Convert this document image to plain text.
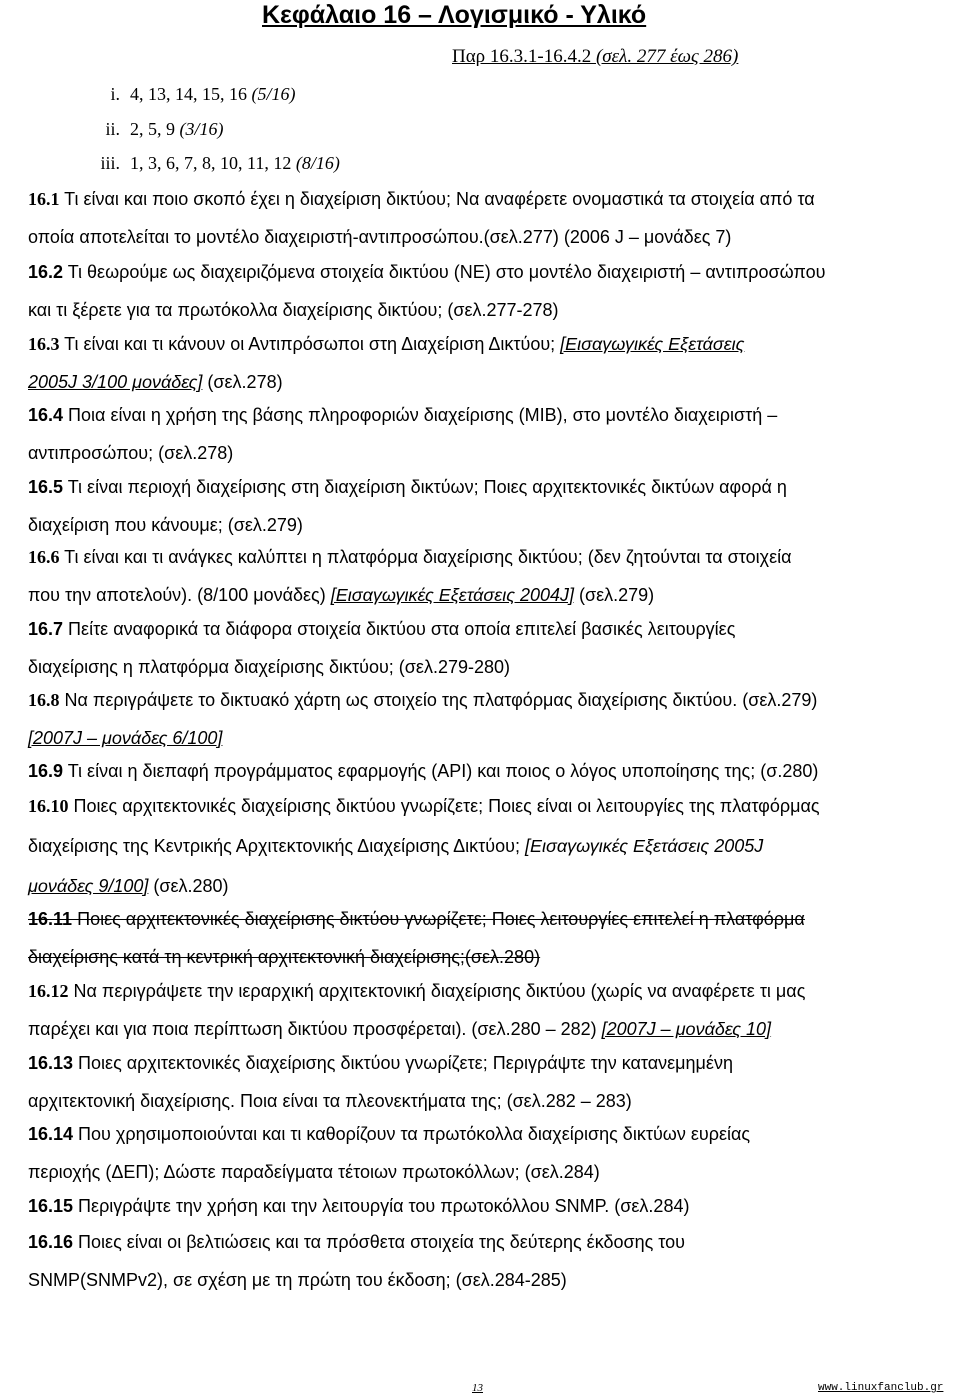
Κεφάλαιο 16 – Λογισμικό - Υλικό
Παρ 16.3.1-16.4.2 (σελ. 277 έως 286)
i. 4, 13, 14, 15, 16 (5/16)
ii. 2, 5, 9 (3/16)
iii. 1, 3, 6, 7, 8, 10, 11, 12 (8/16)
16.1 Τι είναι και ποιο σκοπό έχει η διαχείριση δικτύου; Να αναφέρετε ονομαστικά τα στοιχεία από τα
οποία αποτελείται το μοντέλο διαχειριστή-αντιπροσώπου.(σελ.277) (2006 J – μονάδες 7)
16.2 Τι θεωρούμε ως διαχειριζόμενα στοιχεία δικτύου (ΝΕ) στο μοντέλο διαχειριστή – αντιπροσώπου
και τι ξέρετε για τα πρωτόκολλα διαχείρισης δικτύου; (σελ.277-278)
16.3 Τι είναι και τι κάνουν οι Αντιπρόσωποι στη Διαχείριση Δικτύου; [Εισαγωγικές Εξετάσεις
2005J 3/100 μονάδες] (σελ.278)
16.4 Ποια είναι η χρήση της βάσης πληροφοριών διαχείρισης (MIB), στο μοντέλο διαχειριστή –
αντιπροσώπου; (σελ.278)
16.5 Τι είναι περιοχή διαχείρισης στη διαχείριση δικτύων; Ποιες αρχιτεκτονικές δικτύων αφορά η
διαχείριση που κάνουμε; (σελ.279)
16.6 Τι είναι και τι ανάγκες καλύπτει η πλατφόρμα διαχείρισης δικτύου; (δεν ζητούνται τα στοιχεία
που την αποτελούν). (8/100 μονάδες) [Εισαγωγικές Εξετάσεις 2004J] (σελ.279)
16.7 Πείτε αναφορικά τα διάφορα στοιχεία δικτύου στα οποία επιτελεί βασικές λειτουργίες
διαχείρισης η πλατφόρμα διαχείρισης δικτύου; (σελ.279-280)
16.8 Να περιγράψετε το δικτυακό χάρτη ως στοιχείο της πλατφόρμας διαχείρισης δικτύου. (σελ.279)
[2007J – μονάδες 6/100]
16.9 Τι είναι η διεπαφή προγράμματος εφαρμογής (API) και ποιος ο λόγος υποποίησης της; (σ.280)
16.10 Ποιες αρχιτεκτονικές διαχείρισης δικτύου γνωρίζετε; Ποιες είναι οι λειτουργίες της πλατφόρμας
διαχείρισης της Κεντρικής Αρχιτεκτονικής Διαχείρισης Δικτύου; [Εισαγωγικές Εξετάσεις 2005J
μονάδες 9/100] (σελ.280)
16.11 Ποιες αρχιτεκτονικές διαχείρισης δικτύου γνωρίζετε; Ποιες λειτουργίες επιτελεί η πλατφόρμα
διαχείρισης κατά τη κεντρική αρχιτεκτονική διαχείρισης;(σελ.280)
16.12 Να περιγράψετε την ιεραρχική αρχιτεκτονική διαχείρισης δικτύου (χωρίς να αναφέρετε τι μας
παρέχει και για ποια περίπτωση δικτύου προσφέρεται). (σελ.280 – 282) [2007J – μονάδες 10]
16.13 Ποιες αρχιτεκτονικές διαχείρισης δικτύου γνωρίζετε; Περιγράψτε την κατανεμημένη
αρχιτεκτονική διαχείρισης. Ποια είναι τα πλεονεκτήματα της; (σελ.282 – 283)
16.14 Που χρησιμοποιούνται και τι καθορίζουν τα πρωτόκολλα διαχείρισης δικτύων ευρείας
περιοχής (ΔΕΠ); Δώστε παραδείγματα τέτοιων πρωτοκόλλων; (σελ.284)
16.15 Περιγράψτε την χρήση και την λειτουργία του πρωτοκόλλου SNMP. (σελ.284)
16.16 Ποιες είναι οι βελτιώσεις και τα πρόσθετα στοιχεία της δεύτερης έκδοσης του
SNMP(SNMPv2), σε σχέση με τη πρώτη του έκδοση; (σελ.284-285)
13	www.linuxfanclub.gr
